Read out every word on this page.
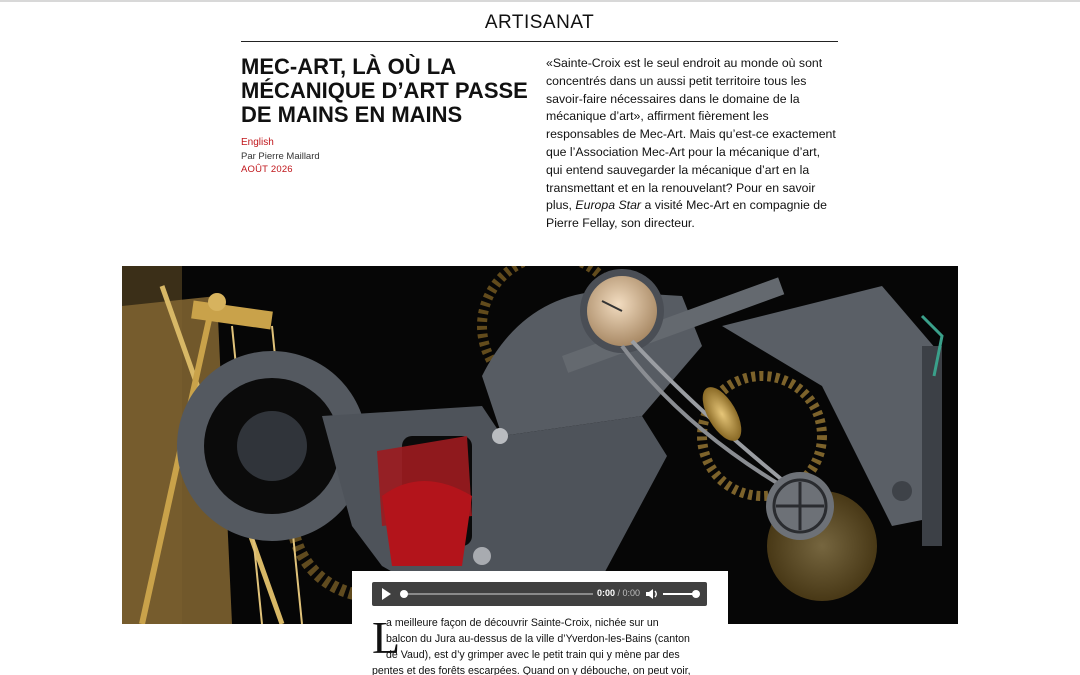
ARTISANAT
MEC-ART, LÀ OÙ LA MÉCANIQUE D’ART PASSE DE MAINS EN MAINS
English
Par Pierre Maillard
AOÛT 2026

«Sainte-Croix est le seul endroit au monde où sont concentrés dans un aussi petit territoire tous les savoir-faire nécessaires dans le domaine de la mécanique d’art», affirment fièrement les responsables de Mec-Art. Mais qu’est-ce exactement que l’Association Mec-Art pour la mécanique d’art, qui entend sauvegarder la mécanique d’art en la transmettant et en la renouvelant? Pour en savoir plus, Europa Star a visité Mec-Art en compagnie de Pierre Fellay, son directeur.

0:00 / 0:00
L
a meilleure façon de découvrir Sainte-Croix, nichée sur un
balcon du Jura au-dessus de la ville d’Yverdon-les-Bains (canton
de Vaud), est d’y grimper avec le petit train qui y mène par des
pentes et des forêts escarpées. Quand on y débouche, on peut voir,
